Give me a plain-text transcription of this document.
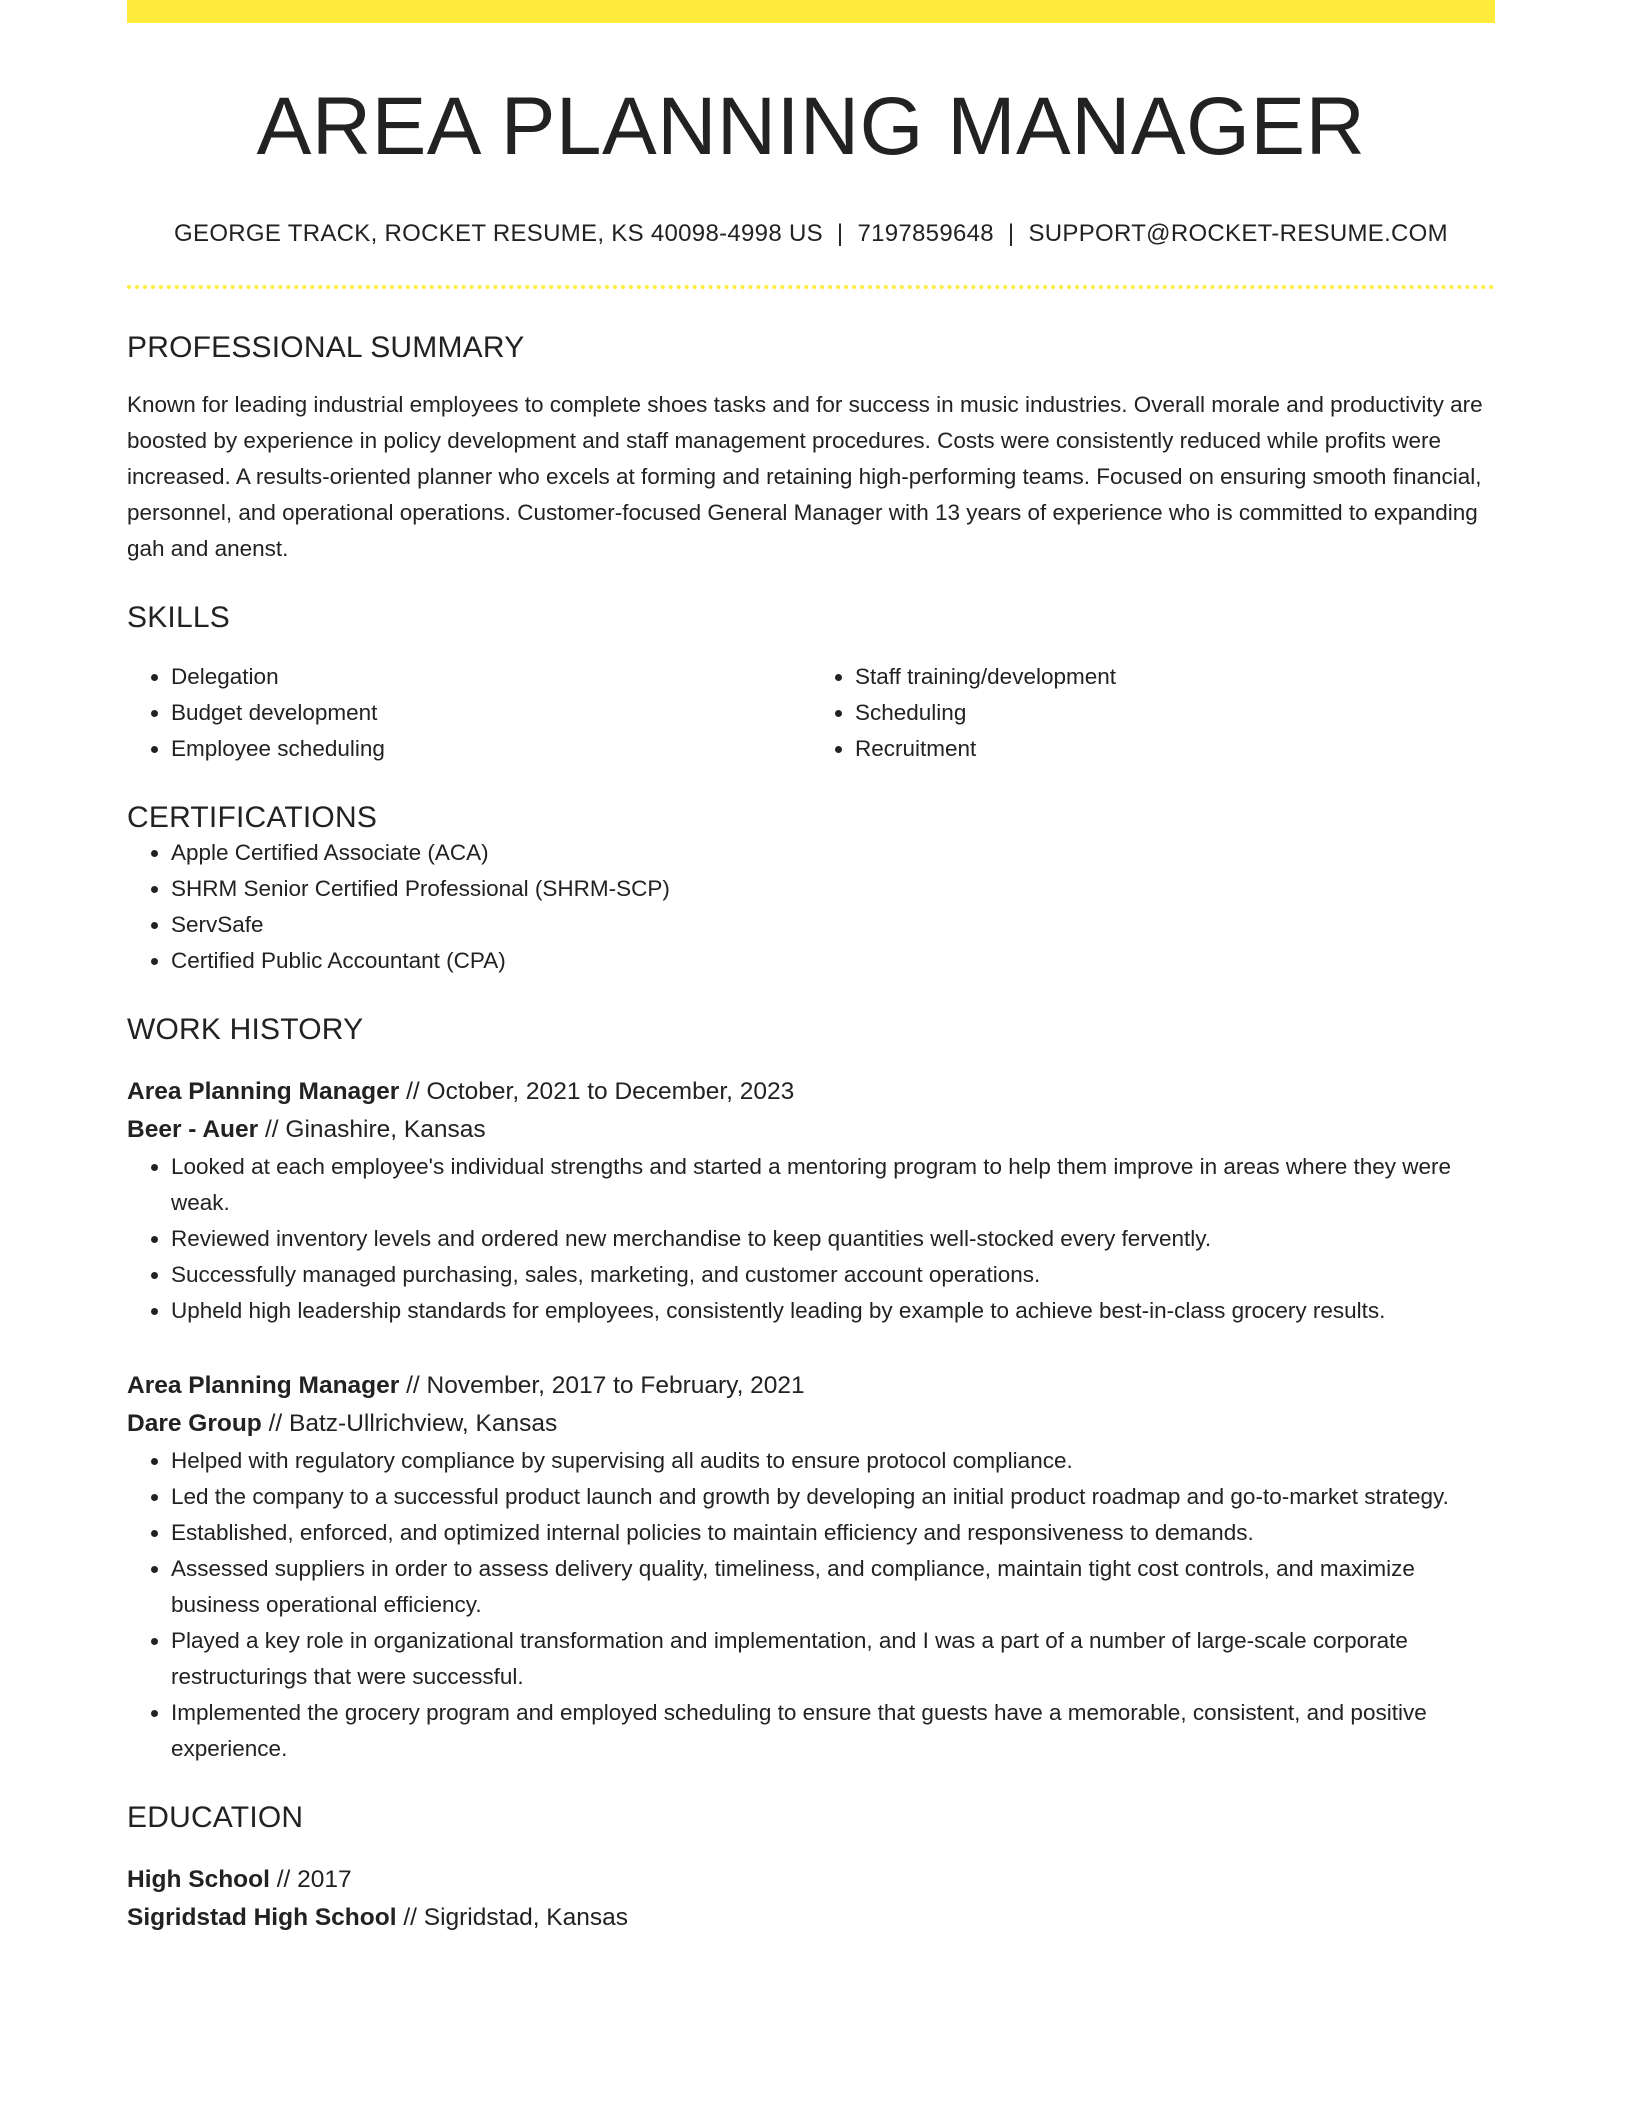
AREA PLANNING MANAGER
GEORGE TRACK, ROCKET RESUME, KS 40098-4998 US | 7197859648 | SUPPORT@ROCKET-RESUME.COM
PROFESSIONAL SUMMARY

Known for leading industrial employees to complete shoes tasks and for success in music industries. Overall morale and productivity are boosted by experience in policy development and staff management procedures. Costs were consistently reduced while profits were increased. A results-oriented planner who excels at forming and retaining high-performing teams. Focused on ensuring smooth financial, personnel, and operational operations. Customer-focused General Manager with 13 years of experience who is committed to expanding gah and anenst.

SKILLS
• Delegation
• Budget development
• Employee scheduling
• Staff training/development
• Scheduling
• Recruitment
CERTIFICATIONS
• Apple Certified Associate (ACA)
• SHRM Senior Certified Professional (SHRM-SCP)
• ServSafe
• Certified Public Accountant (CPA)
WORK HISTORY
Area Planning Manager // October, 2021 to December, 2023
Beer - Auer // Ginashire, Kansas
• Looked at each employee's individual strengths and started a mentoring program to help them improve in areas where they were weak.
• Reviewed inventory levels and ordered new merchandise to keep quantities well-stocked every fervently.
• Successfully managed purchasing, sales, marketing, and customer account operations.
• Upheld high leadership standards for employees, consistently leading by example to achieve best-in-class grocery results.
Area Planning Manager // November, 2017 to February, 2021
Dare Group // Batz-Ullrichview, Kansas
• Helped with regulatory compliance by supervising all audits to ensure protocol compliance.
• Led the company to a successful product launch and growth by developing an initial product roadmap and go-to-market strategy.
• Established, enforced, and optimized internal policies to maintain efficiency and responsiveness to demands.
• Assessed suppliers in order to assess delivery quality, timeliness, and compliance, maintain tight cost controls, and maximize business operational efficiency.
• Played a key role in organizational transformation and implementation, and I was a part of a number of large-scale corporate restructurings that were successful.
• Implemented the grocery program and employed scheduling to ensure that guests have a memorable, consistent, and positive experience.
EDUCATION
High School // 2017
Sigridstad High School // Sigridstad, Kansas
